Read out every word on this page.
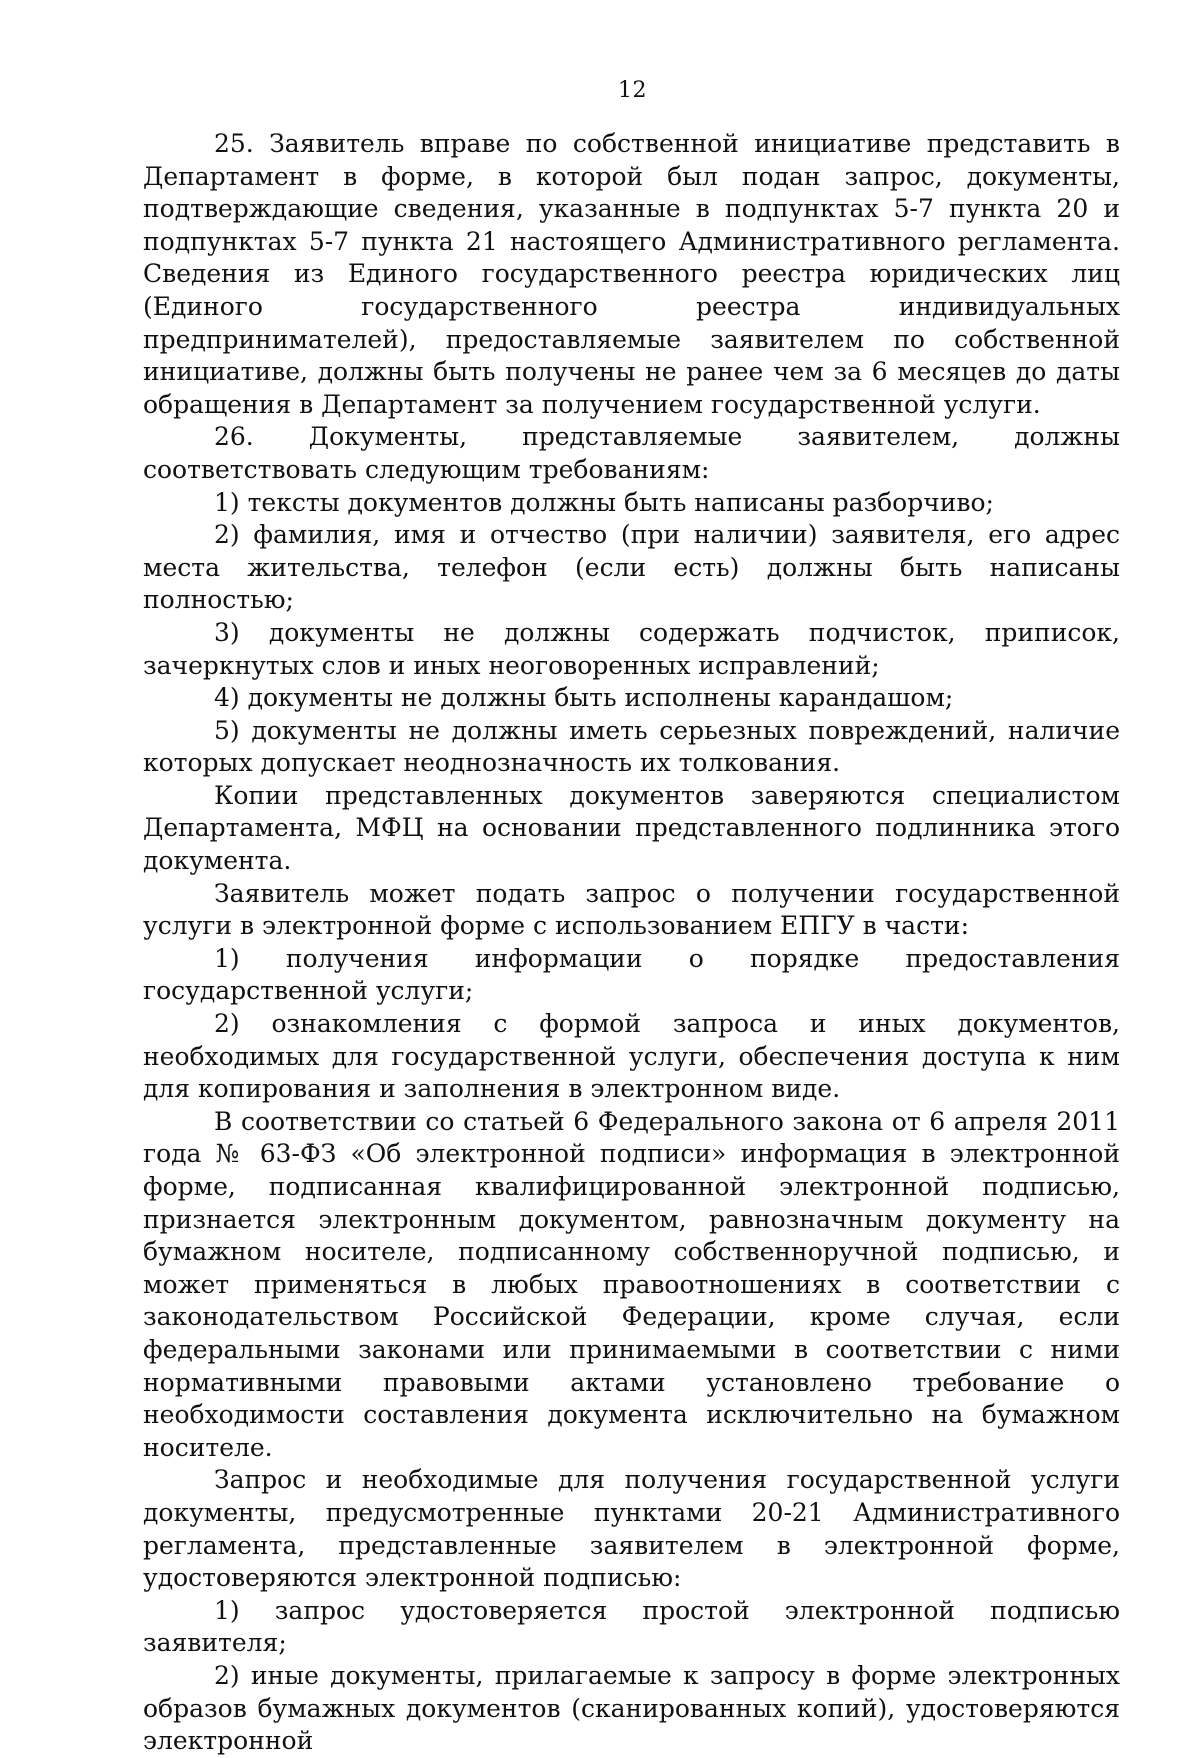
12

25. Заявитель вправе по собственной инициативе представить в Департамент в форме, в которой был подан запрос, документы, подтверждающие сведения, указанные в подпунктах 5-7 пункта 20 и подпунктах 5-7 пункта 21 настоящего Административного регламента. Сведения из Единого государственного реестра юридических лиц (Единого государственного реестра индивидуальных предпринимателей), предоставляемые заявителем по собственной инициативе, должны быть получены не ранее чем за 6 месяцев до даты обращения в Департамент за получением государственной услуги.

26. Документы, представляемые заявителем, должны соответствовать следующим требованиям:

1) тексты документов должны быть написаны разборчиво;

2) фамилия, имя и отчество (при наличии) заявителя, его адрес места жительства, телефон (если есть) должны быть написаны полностью;

3) документы не должны содержать подчисток, приписок, зачеркнутых слов и иных неоговоренных исправлений;

4) документы не должны быть исполнены карандашом;

5) документы не должны иметь серьезных повреждений, наличие которых допускает неоднозначность их толкования.

Копии представленных документов заверяются специалистом Департамента, МФЦ на основании представленного подлинника этого документа.

Заявитель может подать запрос о получении государственной услуги в электронной форме с использованием ЕПГУ в части:

1) получения информации о порядке предоставления государственной услуги;

2) ознакомления с формой запроса и иных документов, необходимых для государственной услуги, обеспечения доступа к ним для копирования и заполнения в электронном виде.

В соответствии со статьей 6 Федерального закона от 6 апреля 2011 года № 63-ФЗ «Об электронной подписи» информация в электронной форме, подписанная квалифицированной электронной подписью, признается электронным документом, равнозначным документу на бумажном носителе, подписанному собственноручной подписью, и может применяться в любых правоотношениях в соответствии с законодательством Российской Федерации, кроме случая, если федеральными законами или принимаемыми в соответствии с ними нормативными правовыми актами установлено требование о необходимости составления документа исключительно на бумажном носителе.

Запрос и необходимые для получения государственной услуги документы, предусмотренные пунктами 20-21 Административного регламента, представленные заявителем в электронной форме, удостоверяются электронной подписью:

1) запрос удостоверяется простой электронной подписью заявителя;

2) иные документы, прилагаемые к запросу в форме электронных образов бумажных документов (сканированных копий), удостоверяются электронной
